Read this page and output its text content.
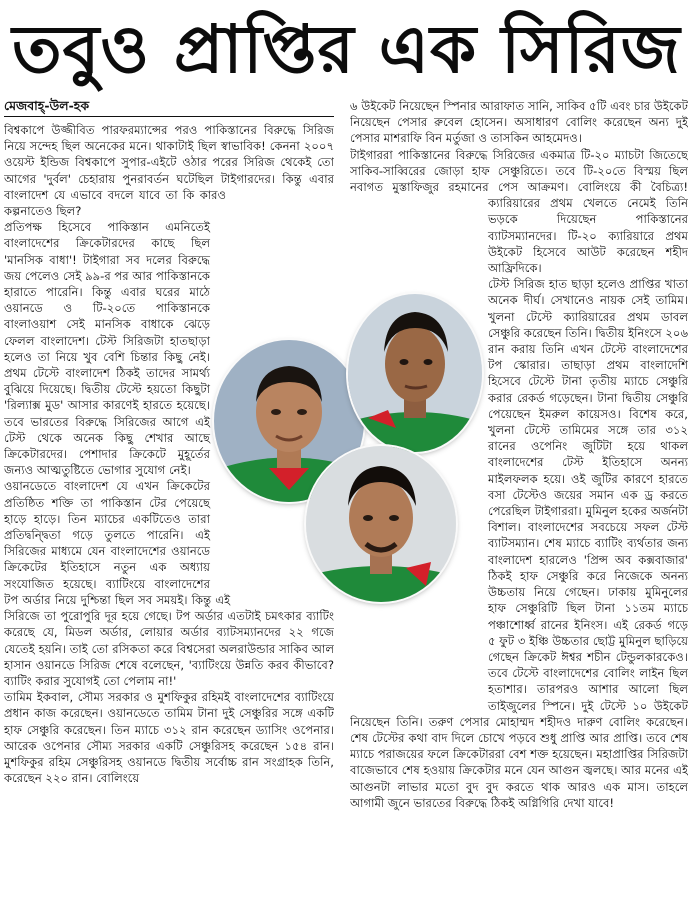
তবুও প্রাপ্তির এক সিরিজ
মেজবাহ্-উল-হক

বিশ্বকাপে উজ্জীবিত পারফরম্যান্সের পরও পাকিস্তানের বিরুদ্ধে সিরিজ নিয়ে সন্দেহ ছিল অনেকের মনে। থাকাটাই ছিল স্বাভাবিক! কেননা ২০০৭ ওয়েস্ট ইন্ডিজ বিশ্বকাপে সুপার-এইটে ওঠার পরের সিরিজ থেকেই তো আগের 'দুর্বল' চেহারায় পুনরাবর্তন ঘটেছিল টাইগারদের। কিন্তু এবার বাংলাদেশ যে এভাবে বদলে যাবে তা কি কারও কল্পনাতেও ছিল?

প্রতিপক্ষ হিসেবে পাকিস্তান এমনিতেই বাংলাদেশের ক্রিকেটারদের কাছে ছিল 'মানসিক বাধা'! টাইগারা সব দলের বিরুদ্ধে জয় পেলেও সেই ৯৯-র পর আর পাকিস্তানকে হারাতে পারেনি। কিন্তু এবার ঘরের মাঠে ওয়ানডে ও টি-২০তে পাকিস্তানকে বাংলাওয়াশ সেই মানসিক বাধাকে ঝেড়ে ফেলল বাংলাদেশ। টেস্ট সিরিজটা হাতছাড়া হলেও তা নিয়ে খুব বেশি চিন্তার কিছু নেই। প্রথম টেস্টে বাংলাদেশ ঠিকই তাদের সামর্থ্য বুঝিয়ে দিয়েছে। দ্বিতীয় টেস্টে হয়তো কিছুটা 'রিল্যাক্স মুড' আসার কারণেই হারতে হয়েছে। তবে ভারতের বিরুদ্ধে সিরিজের আগে এই টেস্ট থেকে অনেক কিছু শেখার আছে ক্রিকেটারদের। পেশাদার ক্রিকেটে মুহূর্তের জন্যও আত্মতুষ্টিতে ভোগার সুযোগ নেই।

ওয়ানডেতে বাংলাদেশ যে এখন ক্রিকেটের প্রতিষ্ঠিত শক্তি তা পাকিস্তান টের পেয়েছে হাড়ে হাড়ে। তিন ম্যাচের একটিতেও তারা প্রতিদ্বন্দ্বিতা গড়ে তুলতে পারেনি। এই সিরিজের মাধ্যমে যেন বাংলাদেশের ওয়ানডে ক্রিকেটের ইতিহাসে নতুন এক অধ্যায় সংযোজিত হয়েছে। ব্যাটিংয়ে বাংলাদেশের টপ অর্ডার নিয়ে দুশ্চিন্তা ছিল সব সময়ই। কিন্তু এই সিরিজে তা পুরোপুরি দূর হয়ে গেছে। টপ অর্ডার এতটাই চমৎকার ব্যাটিং করেছে যে, মিডল অর্ডার, লোয়ার অর্ডার ব্যাটসম্যানদের ২২ গজে যেতেই হয়নি। তাই তো রসিকতা করে বিশ্বসেরা অলরাউন্ডার সাকিব আল হাসান ওয়ানডে সিরিজ শেষে বলেছেন, 'ব্যাটিংয়ে উন্নতি করব কীভাবে? ব্যাটিং করার সুযোগই তো পেলাম না!'

তামিম ইকবাল, সৌম্য সরকার ও মুশফিকুর রহিমই বাংলাদেশের ব্যাটিংয়ে প্রধান কাজ করেছেন। ওয়ানডেতে তামিম টানা দুই সেঞ্চুরির সঙ্গে একটি হাফ সেঞ্চুরি করেছেন। তিন ম্যাচে ৩১২ রান করেছেন ড্যাসিং ওপেনার। আরেক ওপেনার সৌম্য সরকার একটি সেঞ্চুরিসহ করেছেন ১৫৪ রান। মুশফিকুর রহিম সেঞ্চুরিসহ ওয়ানডে দ্বিতীয় সর্বোচ্চ রান সংগ্রাহক তিনি, করেছেন ২২০ রান। বোলিংয়ে

৬ উইকেট নিয়েছেন স্পিনার আরাফাত সানি, সাকিব ৫টি এবং চার উইকেট নিয়েছেন পেসার রুবেল হোসেন। অসাধারণ বোলিং করেছেন অন্য দুই পেসার মাশরাফি বিন মর্তুজা ও তাসকিন আহমেদও।

টাইগাররা পাকিস্তানের বিরুদ্ধে সিরিজের একমাত্র টি-২০ ম্যাচটা জিতেছে সাকিব-সাব্বিরের জোড়া হাফ সেঞ্চুরিতে। তবে টি-২০তে বিস্ময় ছিল নবাগত মুস্তাফিজুর রহমানের পেস আক্রমণ। বোলিংয়ে কী বৈচিত্র্য! ক্যারিয়ারের প্রথম খেলতে নেমেই তিনি ভড়কে দিয়েছেন পাকিস্তানের ব্যাটসম্যানদের। টি-২০ ক্যারিয়ারে প্রথম উইকেট হিসেবে আউট করেছেন শহীদ আফ্রিদিকে।

টেস্ট সিরিজ হাত ছাড়া হলেও প্রাপ্তির খাতা অনেক দীর্ঘ। সেখানেও নায়ক সেই তামিম। খুলনা টেস্টে ক্যারিয়ারের প্রথম ডাবল সেঞ্চুরি করেছেন তিনি। দ্বিতীয় ইনিংসে ২০৬ রান করায় তিনি এখন টেস্টে বাংলাদেশের টপ স্কোরার। তাছাড়া প্রথম বাংলাদেশি হিসেবে টেস্টে টানা তৃতীয় ম্যাচে সেঞ্চুরি করার রেকর্ড গড়েছেন। টানা দ্বিতীয় সেঞ্চুরি পেয়েছেন ইমরুল কায়েসও। বিশেষ করে, খুলনা টেস্টে তামিমের সঙ্গে তার ৩১২ রানের ওপেনিং জুটিটা হয়ে থাকল বাংলাদেশের টেস্ট ইতিহাসে অনন্য মাইলফলক হয়ে। ওই জুটির কারণে হারতে বসা টেস্টেও জয়ের সমান এক ড্র করতে পেরেছিল টাইগাররা। মুমিনুল হকের অর্জনটা বিশাল। বাংলাদেশের সবচেয়ে সফল টেস্ট ব্যাটসম্যান। শেষ ম্যাচে ব্যাটিং ব্যর্থতার জন্য বাংলাদেশ হারলেও 'প্রিন্স অব কক্সবাজার' ঠিকই হাফ সেঞ্চুরি করে নিজেকে অনন্য উচ্চতায় নিয়ে গেছেন। ঢাকায় মুমিনুলের হাফ সেঞ্চুরিটি ছিল টানা ১১তম ম্যাচে পঞ্চাশোর্ধ্ব রানের ইনিংস। এই রেকর্ড গড়ে ৫ ফুট ৩ ইঞ্চি উচ্চতার ছোট্ট মুমিনুল ছাড়িয়ে গেছেন ক্রিকেট ঈশ্বর শচীন টেন্ডুলকারকেও। তবে টেস্টে বাংলাদেশের বোলিং লাইন ছিল হতাশার। তারপরও আশার আলো ছিল তাইজুলের স্পিনে। দুই টেস্টে ১০ উইকেট নিয়েছেন তিনি। তরুণ পেসার মোহাম্মদ শহীদও দারুণ বোলিং করেছেন। শেষ টেস্টের কথা বাদ দিলে চোখে পড়বে শুধু প্রাপ্তি আর প্রাপ্তি। তবে শেষ ম্যাচে পরাজয়ের ফলে ক্রিকেটাররা বেশ শক্ত হয়েছেন। মহাপ্রাপ্তির সিরিজটা বাজেভাবে শেষ হওয়ায় ক্রিকেটার মনে যেন আগুন জ্বলছে। আর মনের এই আগুনটা লাভার মতো বুদ বুদ করতে থাক আরও এক মাস। তাহলে আগামী জুনে ভারতের বিরুদ্ধে ঠিকই অগ্নিগিরি দেখা যাবে!
